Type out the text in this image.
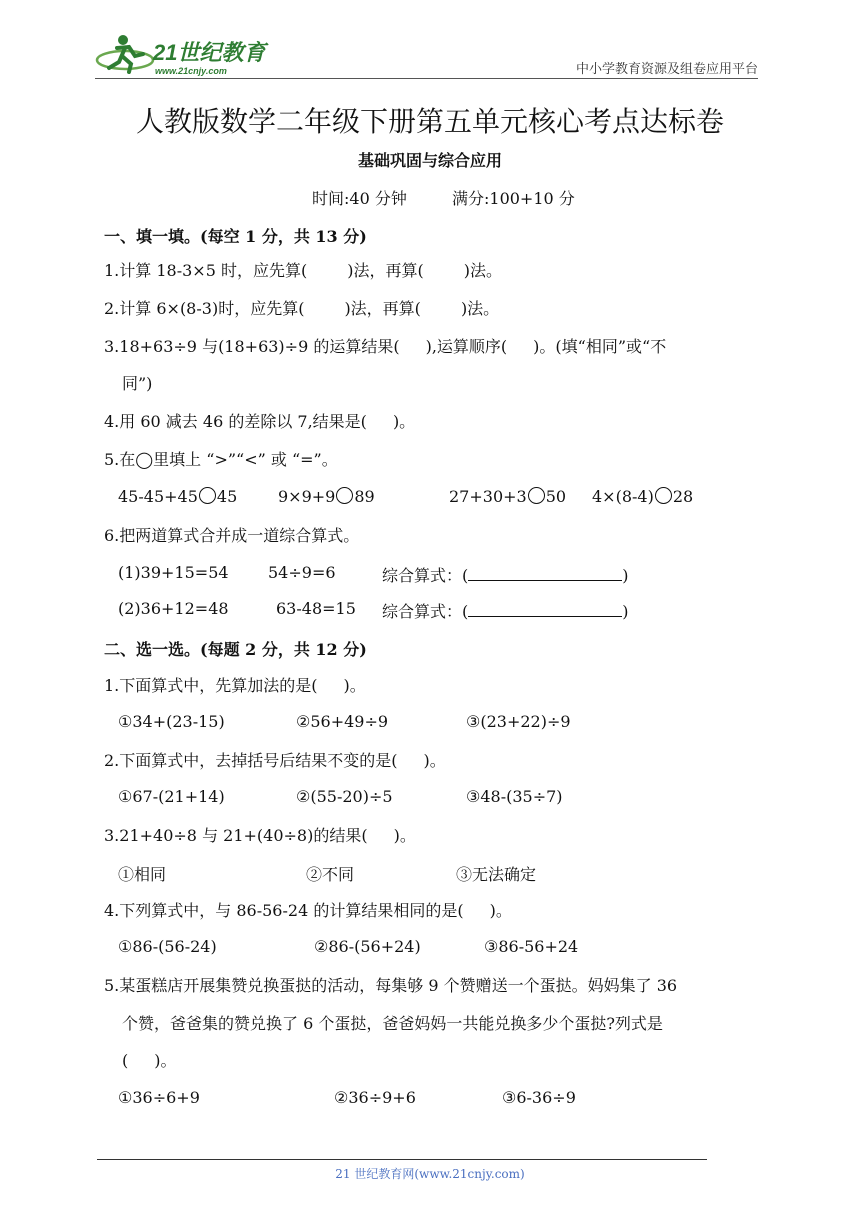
21世纪教育
www.21cnjy.com	中小学教育资源及组卷应用平台
人教版数学二年级下册第五单元核心考点达标卷
基础巩固与综合应用
时间:40 分钟	满分:100+10 分
一、填一填。(每空 1 分，共 13 分)
1.计算 18-3×5 时，应先算(	)法，再算(	)法。
2.计算 6×(8-3)时，应先算(	)法，再算(	)法。
3.18+63÷9 与(18+63)÷9 的运算结果( ),运算顺序( )。(填“相同”或“不
同”)
4.用 60 减去 46 的差除以 7,结果是( )。
5.在◯里填上 “>”“<” 或 “=”。
45-45+45 45	9×9+9 89	27+30+3 50 4×(8-4) 28
6.把两道算式合并成一道综合算式。
(1)39+15=54 54÷9=6	综合算式：(	)
(2)36+12=48	63-48=15 综合算式：(	)
二、选一选。(每题 2 分，共 12 分)
1.下面算式中，先算加法的是( )。
①34+(23-15)	②56+49÷9	③(23+22)÷9
2.下面算式中，去掉括号后结果不变的是( )。
①67-(21+14)	②(55-20)÷5	③48-(35÷7)
3.21+40÷8 与 21+(40÷8)的结果( )。
①相同	②不同	③无法确定
4.下列算式中，与 86-56-24 的计算结果相同的是( )。
①86-(56-24)	②86-(56+24)	③86-56+24
5.某蛋糕店开展集赞兑换蛋挞的活动，每集够 9 个赞赠送一个蛋挞。妈妈集了 36
个赞，爸爸集的赞兑换了 6 个蛋挞，爸爸妈妈一共能兑换多少个蛋挞?列式是
( )。
①36÷6+9	②36÷9+6	③6-36÷9
21 世纪教育网(www.21cnjy.com)
